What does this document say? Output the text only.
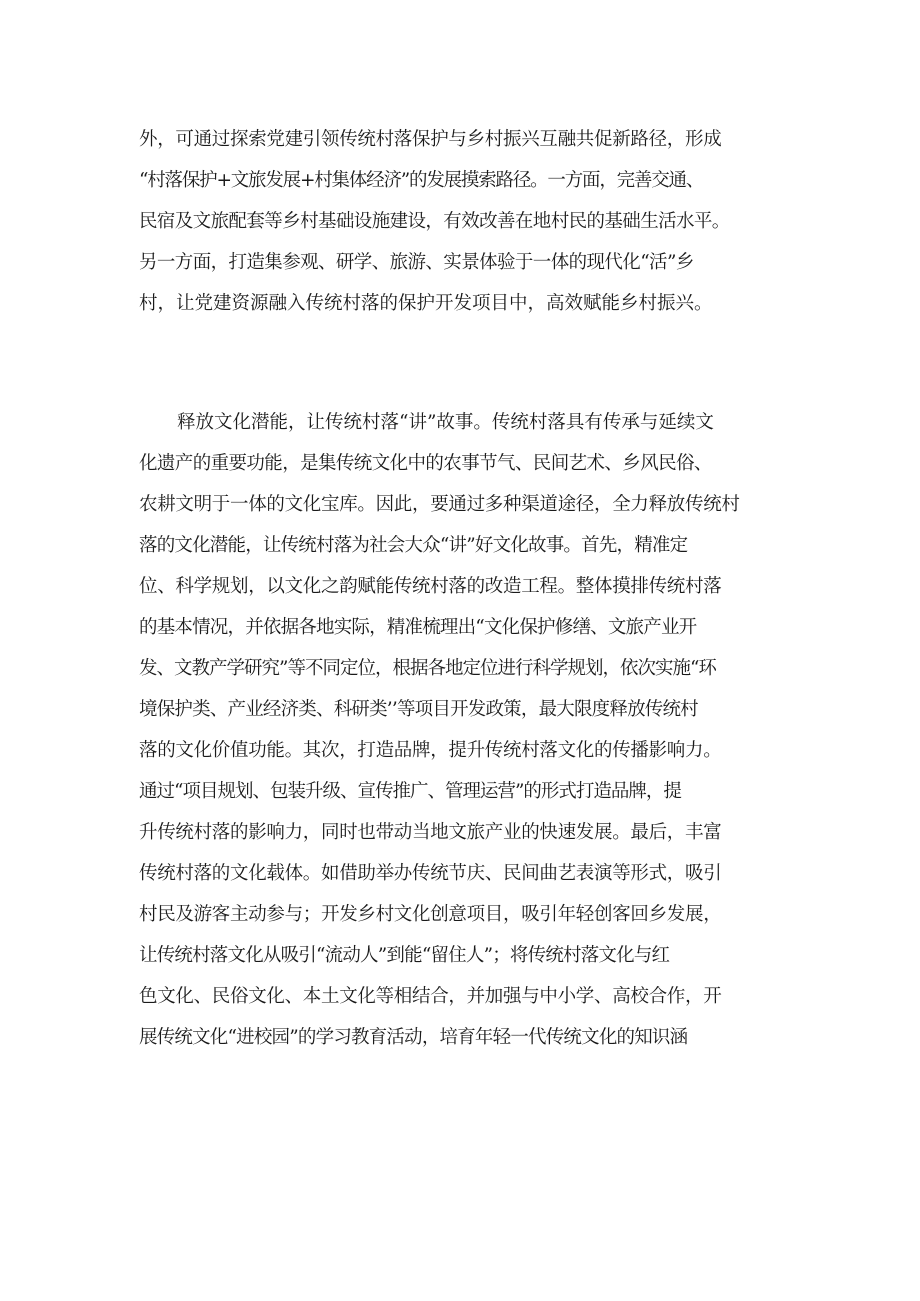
外，可通过探索党建引领传统村落保护与乡村振兴互融共促新路径，形成
“村落保护+文旅发展+村集体经济”的发展摸索路径。一方面，完善交通、
民宿及文旅配套等乡村基础设施建设，有效改善在地村民的基础生活水平。
另一方面，打造集参观、研学、旅游、实景体验于一体的现代化“活”乡
村，让党建资源融入传统村落的保护开发项目中，高效赋能乡村振兴。
释放文化潜能，让传统村落“讲”故事。传统村落具有传承与延续文
化遗产的重要功能，是集传统文化中的农事节气、民间艺术、乡风民俗、
农耕文明于一体的文化宝库。因此，要通过多种渠道途径，全力释放传统村
落的文化潜能，让传统村落为社会大众“讲”好文化故事。首先，精准定
位、科学规划，以文化之韵赋能传统村落的改造工程。整体摸排传统村落
的基本情况，并依据各地实际，精准梳理出“文化保护修缮、文旅产业开
发、文教产学研究”等不同定位，根据各地定位进行科学规划，依次实施“环
境保护类、产业经济类、科研类’’等项目开发政策，最大限度释放传统村
落的文化价值功能。其次，打造品牌，提升传统村落文化的传播影响力。
通过“项目规划、包装升级、宣传推广、管理运营”的形式打造品牌，提
升传统村落的影响力，同时也带动当地文旅产业的快速发展。最后，丰富
传统村落的文化载体。如借助举办传统节庆、民间曲艺表演等形式，吸引
村民及游客主动参与；开发乡村文化创意项目，吸引年轻创客回乡发展，
让传统村落文化从吸引“流动人”到能“留住人”；将传统村落文化与红
色文化、民俗文化、本土文化等相结合，并加强与中小学、高校合作，开
展传统文化“进校园”的学习教育活动，培育年轻一代传统文化的知识涵
